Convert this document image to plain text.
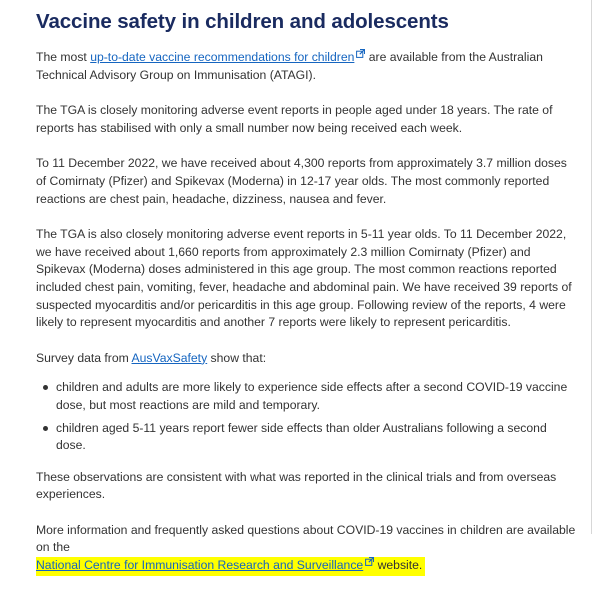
Vaccine safety in children and adolescents

The most up-to-date vaccine recommendations for children are available from the Australian Technical Advisory Group on Immunisation (ATAGI).

The TGA is closely monitoring adverse event reports in people aged under 18 years. The rate of reports has stabilised with only a small number now being received each week.

To 11 December 2022, we have received about 4,300 reports from approximately 3.7 million doses of Comirnaty (Pfizer) and Spikevax (Moderna) in 12-17 year olds. The most commonly reported reactions are chest pain, headache, dizziness, nausea and fever.

The TGA is also closely monitoring adverse event reports in 5-11 year olds. To 11 December 2022, we have received about 1,660 reports from approximately 2.3 million Comirnaty (Pfizer) and Spikevax (Moderna) doses administered in this age group. The most common reactions reported included chest pain, vomiting, fever, headache and abdominal pain. We have received 39 reports of suspected myocarditis and/or pericarditis in this age group. Following review of the reports, 4 were likely to represent myocarditis and another 7 reports were likely to represent pericarditis.

Survey data from AusVaxSafety show that:

children and adults are more likely to experience side effects after a second COVID-19 vaccine dose, but most reactions are mild and temporary.
children aged 5-11 years report fewer side effects than older Australians following a second dose.

These observations are consistent with what was reported in the clinical trials and from overseas experiences.

More information and frequently asked questions about COVID-19 vaccines in children are available on the
National Centre for Immunisation Research and Surveillance website.
